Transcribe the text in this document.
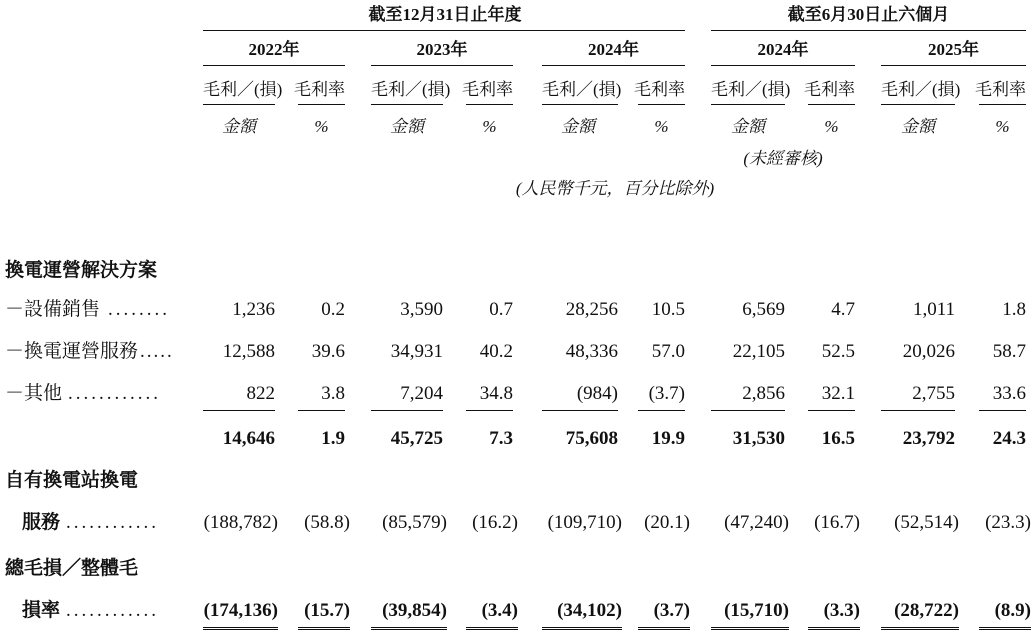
截至12月31日止年度	截至6月30日止六個月
2022年	2023年	2024年	2024年	2025年
毛利／(損) 毛利率 毛利／(損) 毛利率 毛利／(損) 毛利率 毛利／(損) 毛利率 毛利／(損) 毛利率
金額	%	金額	%	金額	%	金額	%	金額	%
(未經審核)
(人民幣千元，百分比除外)
換電運營解決方案
－設備銷售 ........	1,236	0.2	3,590	0.7	28,256	10.5	6,569	4.7	1,011	1.8
－換電運營服務 .....	12,588	39.6	34,931	40.2	48,336	57.0	22,105	52.5	20,026	58.7
－其他 ............	822	3.8	7,204	34.8	(984)	(3.7)	2,856	32.1	2,755	33.6
14,646	1.9	45,725	7.3	75,608	19.9	31,530	16.5	23,792	24.3
自有換電站換電
服務 ............	(188,782)	(58.8)	(85,579)	(16.2)	(109,710)	(20.1)	(47,240)	(16.7)	(52,514)	(23.3)
總毛損／整體毛
損率 ............	(174,136)	(15.7)	(39,854)	(3.4)	(34,102)	(3.7)	(15,710)	(3.3)	(28,722)	(8.9)
